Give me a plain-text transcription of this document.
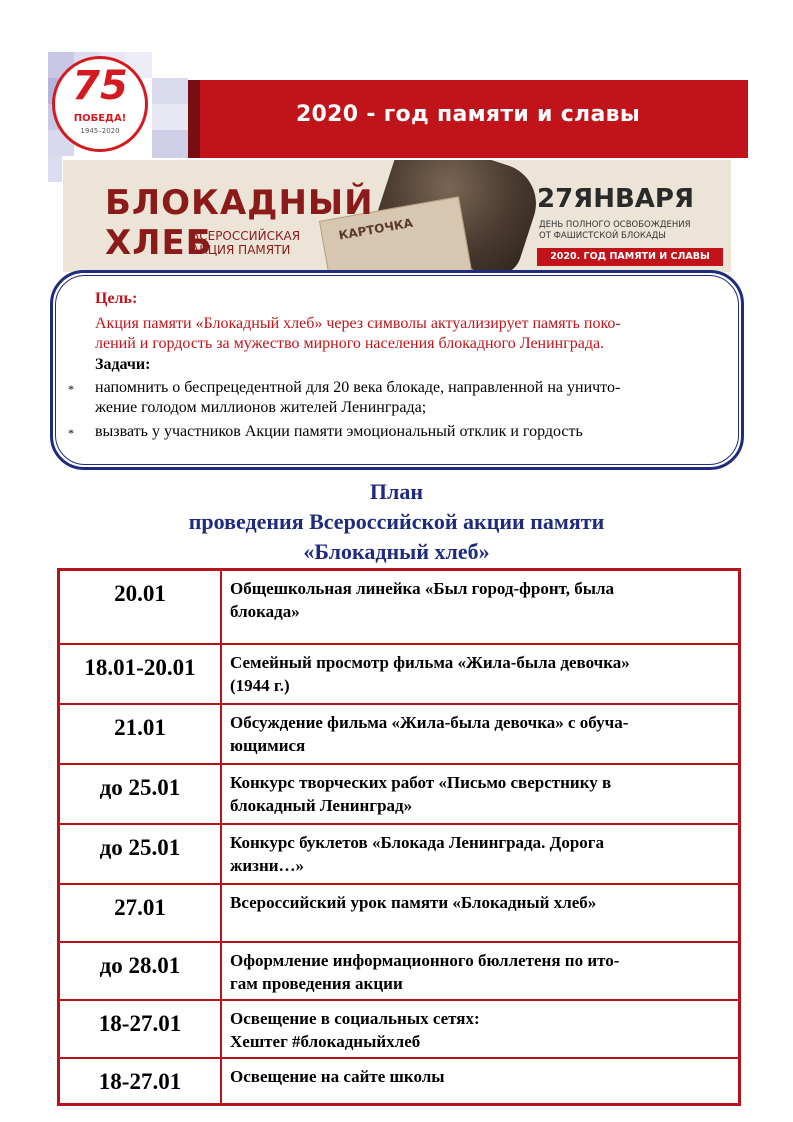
2020 - год памяти и славы
75
ПОБЕДА!
1945–2020
КАРТОЧКА
БЛОКАДНЫЙ
ХЛЕБ
ВСЕРОССИЙСКАЯ
АКЦИЯ ПАМЯТИ
27ЯНВАРЯ
ДЕНЬ ПОЛНОГО ОСВОБОЖДЕНИЯ
ОТ ФАШИСТСКОЙ БЛОКАДЫ
2020. ГОД ПАМЯТИ И СЛАВЫ
Цель:
Акция памяти «Блокадный хлеб» через символы актуализирует память поко-
лений и гордость за мужество мирного населения блокадного Ленинграда.
Задачи:
* напомнить о беспрецедентной для 20 века блокаде, направленной на уничто-
жение голодом миллионов жителей Ленинграда;
* вызвать у участников Акции памяти эмоциональный отклик и гордость
План
проведения Всероссийской акции памяти
«Блокадный хлеб»
20.01	Общешкольная линейка «Был город-фронт, была
блокада»
18.01-20.01	Семейный просмотр фильма «Жила-была девочка»
(1944 г.)
21.01	Обсуждение фильма «Жила-была девочка» с обуча-
ющимися
до 25.01	Конкурс творческих работ «Письмо сверстнику в
блокадный Ленинград»
до 25.01	Конкурс буклетов «Блокада Ленинграда. Дорога
жизни…»
27.01	Всероссийский урок памяти «Блокадный хлеб»
до 28.01	Оформление информационного бюллетеня по ито-
гам проведения акции
18-27.01	Освещение в социальных сетях:
Хештег #блокадныйхлеб
18-27.01	Освещение на сайте школы
